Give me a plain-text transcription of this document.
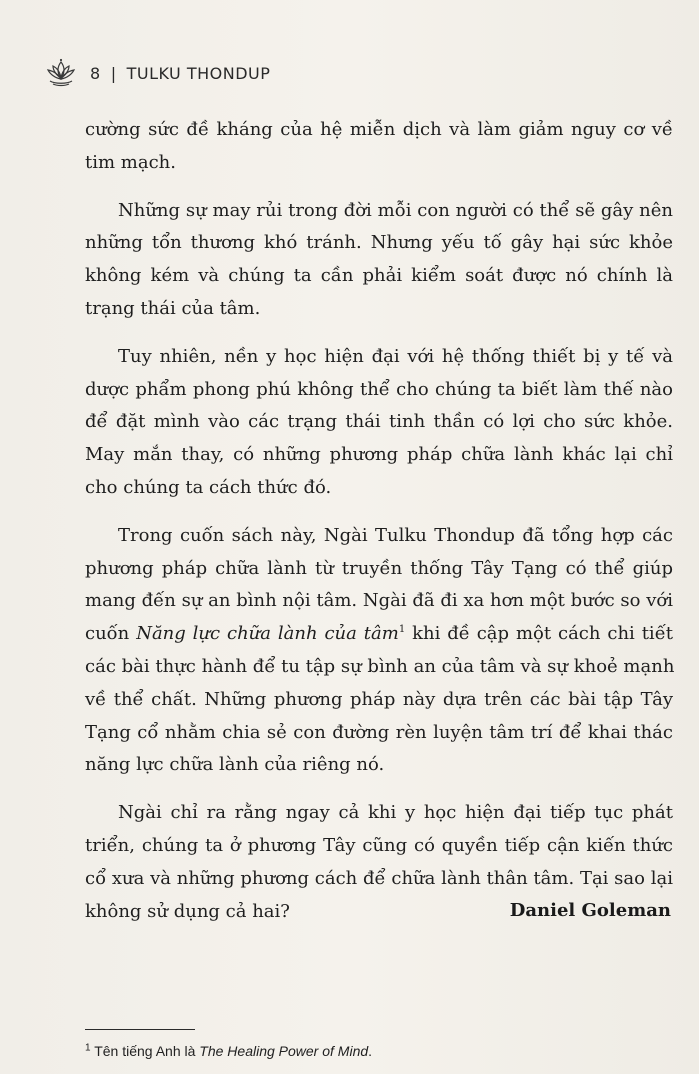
8 | TULKU THONDUP
cường sức đề kháng của hệ miễn dịch và làm giảm nguy cơ về
tim mạch.
Những sự may rủi trong đời mỗi con người có thể sẽ gây nên
những tổn thương khó tránh. Nhưng yếu tố gây hại sức khỏe
không kém và chúng ta cần phải kiểm soát được nó chính là
trạng thái của tâm.
Tuy nhiên, nền y học hiện đại với hệ thống thiết bị y tế và
dược phẩm phong phú không thể cho chúng ta biết làm thế nào
để đặt mình vào các trạng thái tinh thần có lợi cho sức khỏe.
May mắn thay, có những phương pháp chữa lành khác lại chỉ
cho chúng ta cách thức đó.
Trong cuốn sách này, Ngài Tulku Thondup đã tổng hợp các
phương pháp chữa lành từ truyền thống Tây Tạng có thể giúp
mang đến sự an bình nội tâm. Ngài đã đi xa hơn một bước so với
cuốn Năng lực chữa lành của tâm$^1$ khi đề cập một cách chi tiết
các bài thực hành để tu tập sự bình an của tâm và sự khoẻ mạnh
về thể chất. Những phương pháp này dựa trên các bài tập Tây
Tạng cổ nhằm chia sẻ con đường rèn luyện tâm trí để khai thác
năng lực chữa lành của riêng nó.
Ngài chỉ ra rằng ngay cả khi y học hiện đại tiếp tục phát
triển, chúng ta ở phương Tây cũng có quyền tiếp cận kiến thức
cổ xưa và những phương cách để chữa lành thân tâm. Tại sao lại
không sử dụng cả hai?	Daniel Goleman
$^1$ Tên tiếng Anh là The Healing Power of Mind.
